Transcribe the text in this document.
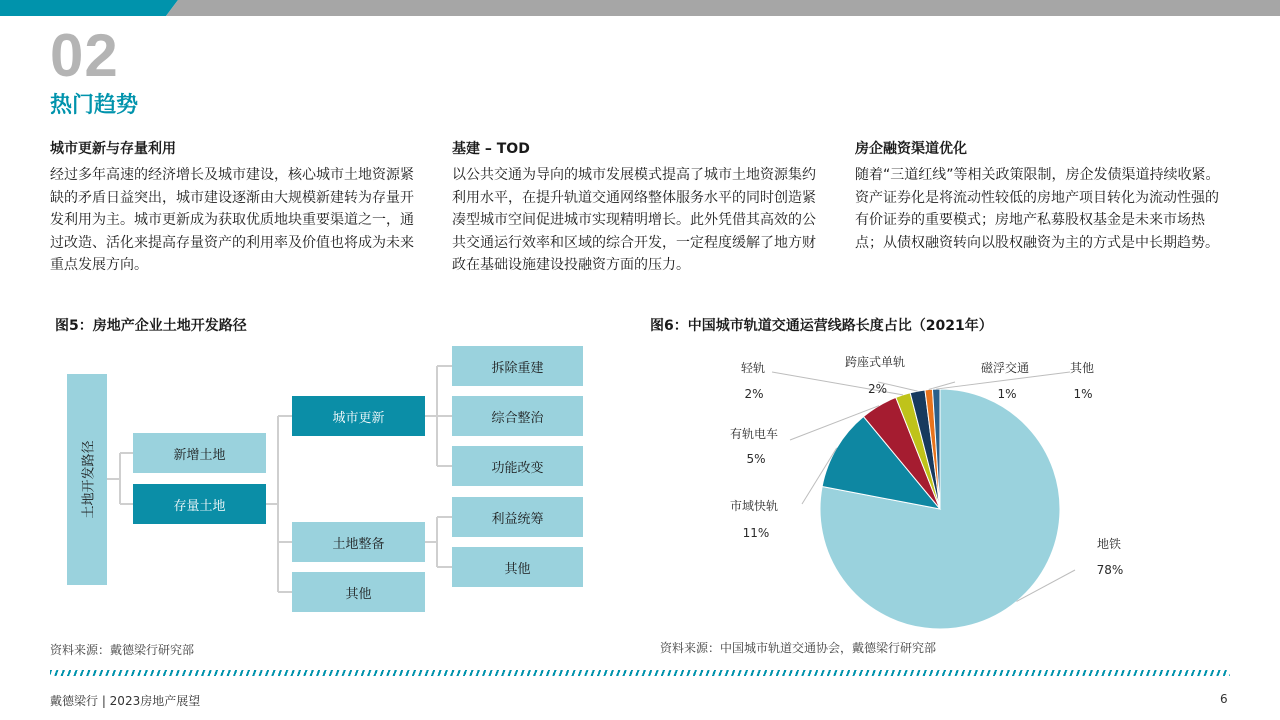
02
热门趋势
城市更新与存量利用
经过多年高速的经济增长及城市建设，核心城市土地资源紧缺的矛盾日益突出，城市建设逐渐由大规模新建转为存量开发利用为主。城市更新成为获取优质地块重要渠道之一，通过改造、活化来提高存量资产的利用率及价值也将成为未来重点发展方向。
基建 – TOD
以公共交通为导向的城市发展模式提高了城市土地资源集约利用水平，在提升轨道交通网络整体服务水平的同时创造紧凑型城市空间促进城市实现精明增长。此外凭借其高效的公共交通运行效率和区域的综合开发，一定程度缓解了地方财政在基础设施建设投融资方面的压力。
房企融资渠道优化
随着“三道红线”等相关政策限制，房企发债渠道持续收紧。资产证券化是将流动性较低的房地产项目转化为流动性强的有价证券的重要模式；房地产私募股权基金是未来市场热点；从债权融资转向以股权融资为主的方式是中长期趋势。
图5：房地产企业土地开发路径
土地开发路径	新增土地
存量土地
城市更新
土地整备
其他
拆除重建
综合整治
功能改变
利益统筹
其他
资料来源：戴德梁行研究部
图6：中国城市轨道交通运营线路长度占比（2021年）
地铁
78%
市域快轨
11%
有轨电车
5%
轻轨
2%
跨座式单轨
2%
磁浮交通
1%
其他
1%
资料来源：中国城市轨道交通协会，戴德梁行研究部
戴德梁行 | 2023房地产展望	6
